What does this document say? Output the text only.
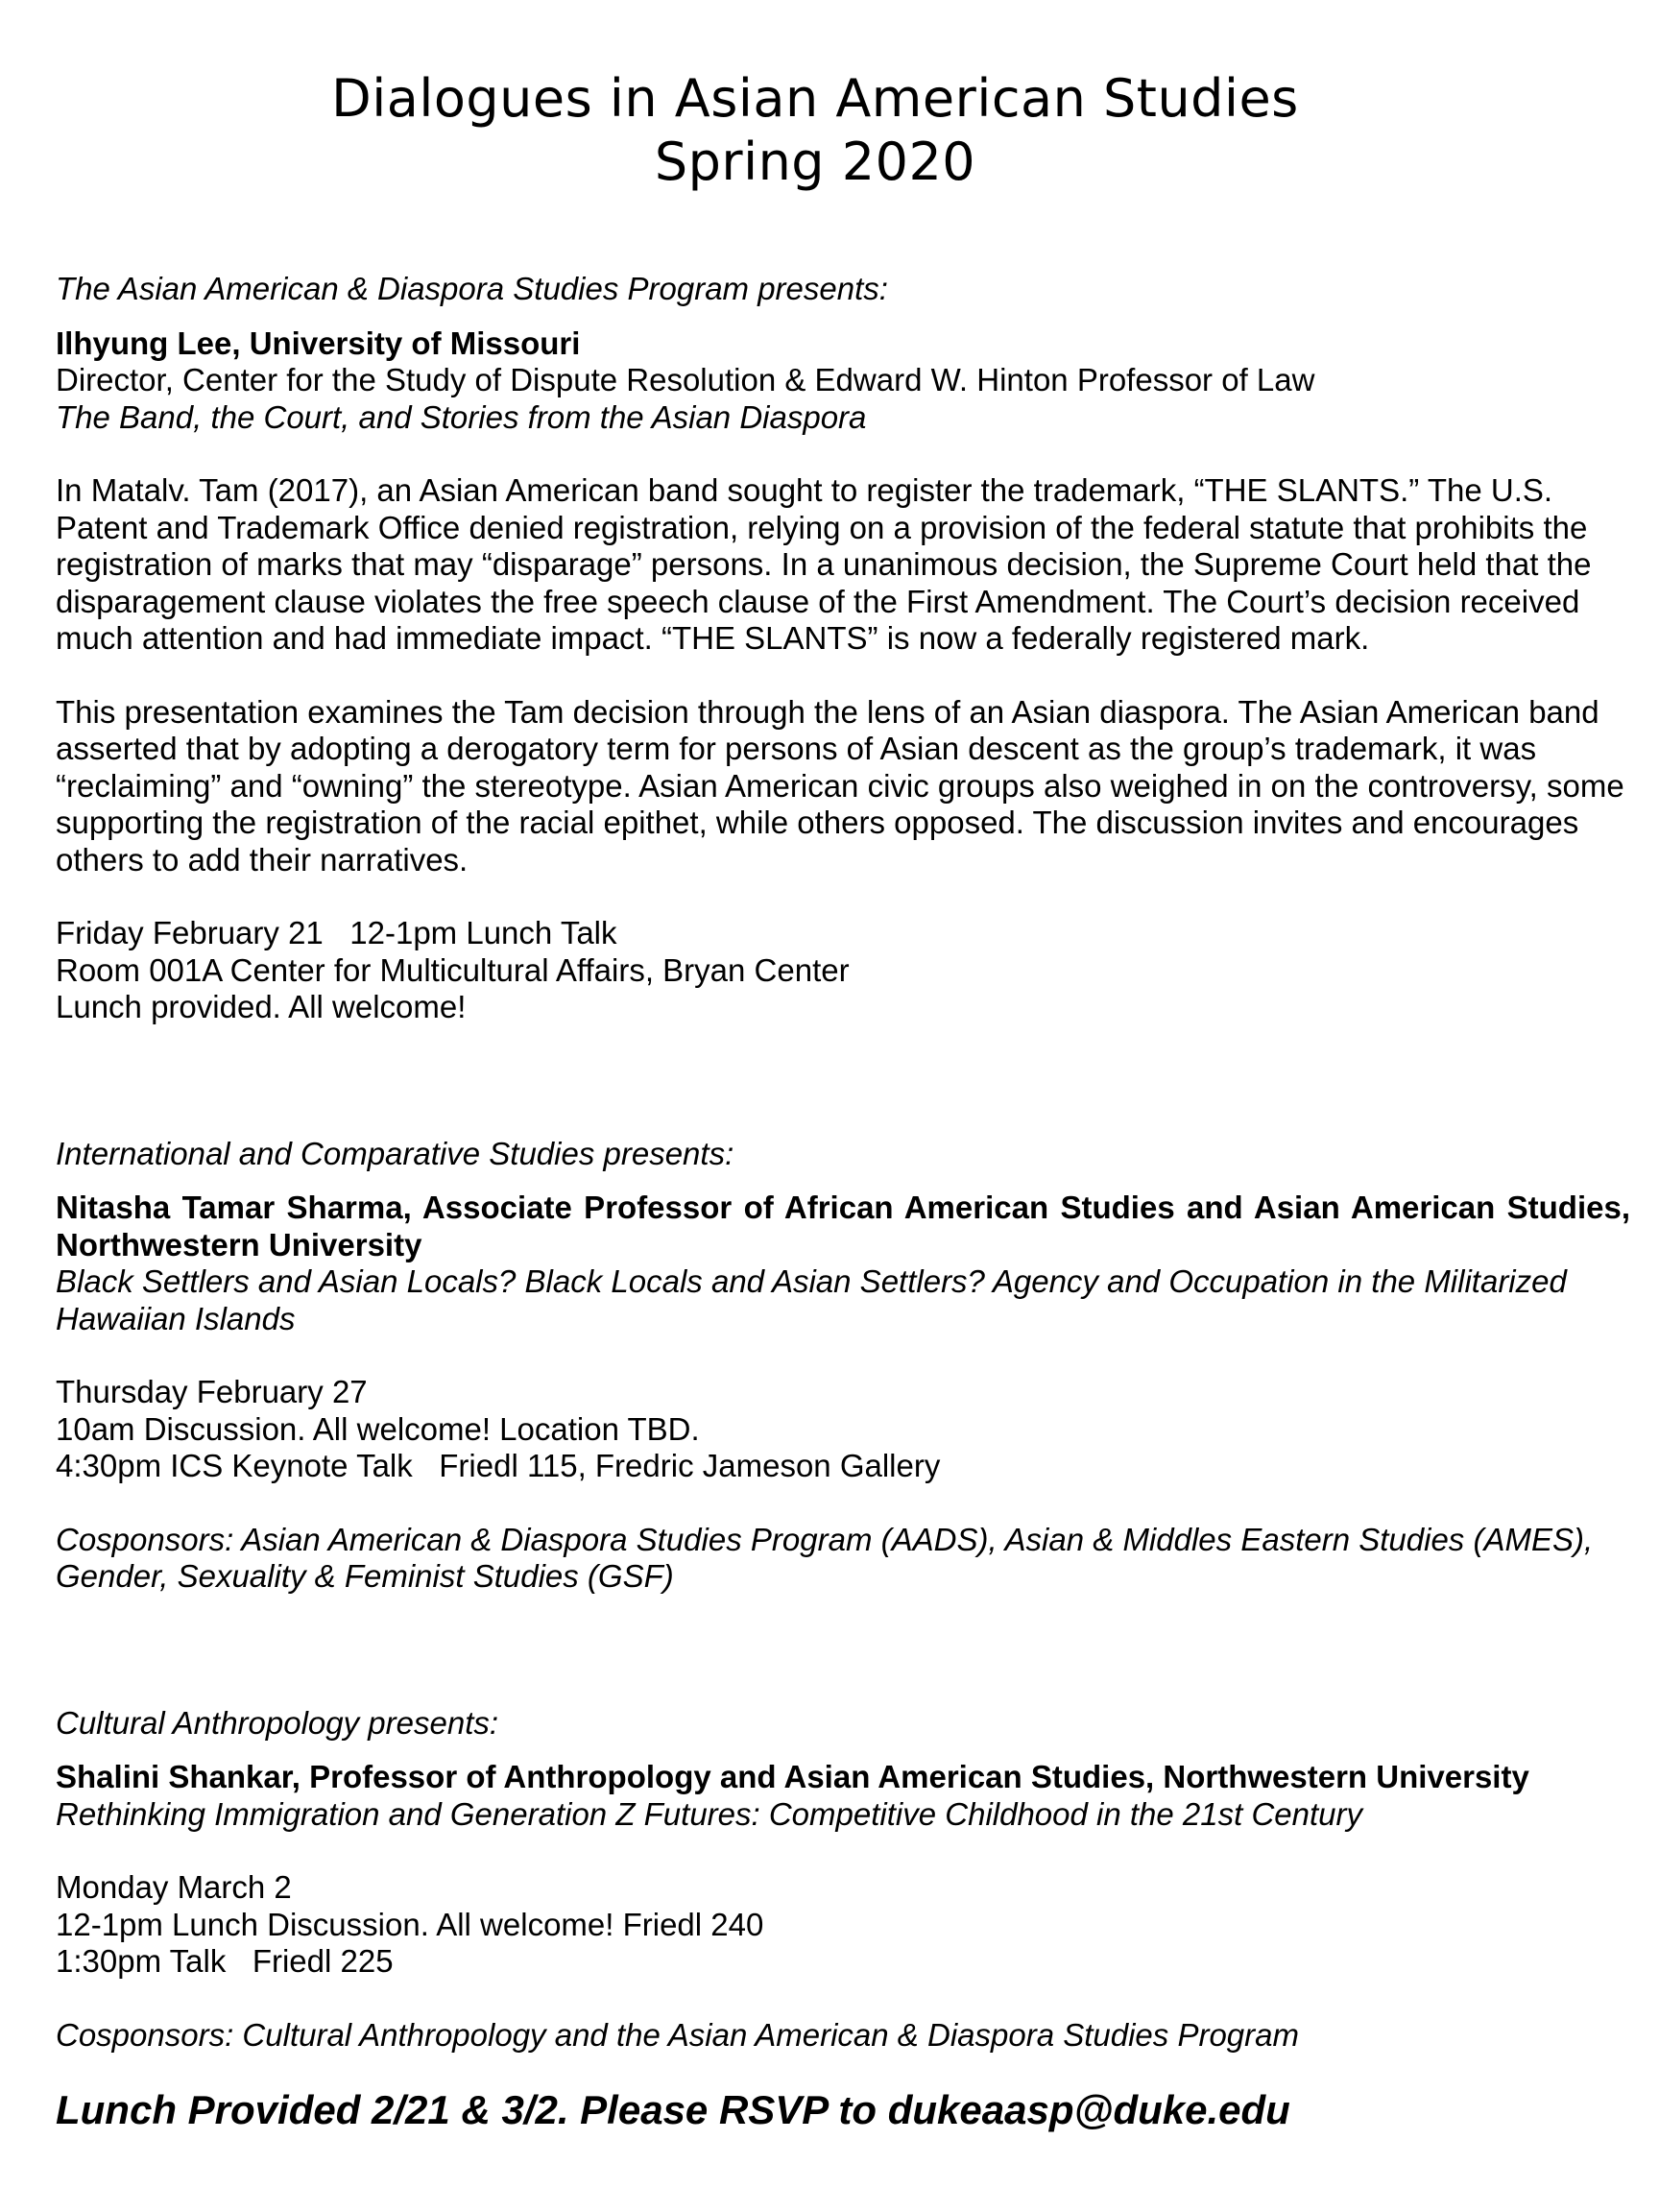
Dialogues in Asian American Studies
Spring 2020

The Asian American & Diaspora Studies Program presents:

Ilhyung Lee, University of Missouri

Director, Center for the Study of Dispute Resolution & Edward W. Hinton Professor of Law

The Band, the Court, and Stories from the Asian Diaspora

In Matalv. Tam (2017), an Asian American band sought to register the trademark, “THE SLANTS.” The U.S. Patent and Trademark Office denied registration, relying on a provision of the federal statute that prohibits the registration of marks that may “disparage” persons. In a unanimous decision, the Supreme Court held that the disparagement clause violates the free speech clause of the First Amendment. The Court’s decision received much attention and had immediate impact. “THE SLANTS” is now a federally registered mark.

This presentation examines the Tam decision through the lens of an Asian diaspora. The Asian American band asserted that by adopting a derogatory term for persons of Asian descent as the group’s trademark, it was “reclaiming” and “owning” the stereotype. Asian American civic groups also weighed in on the controversy, some supporting the registration of the racial epithet, while others opposed. The discussion invites and encourages others to add their narratives.

Friday February 21   12-1pm Lunch Talk

Room 001A Center for Multicultural Affairs, Bryan Center

Lunch provided. All welcome!

International and Comparative Studies presents:

Nitasha Tamar Sharma, Associate Professor of African American Studies and Asian American Studies, Northwestern University

Black Settlers and Asian Locals? Black Locals and Asian Settlers? Agency and Occupation in the Militarized Hawaiian Islands

Thursday February 27

10am Discussion. All welcome! Location TBD.

4:30pm ICS Keynote Talk   Friedl 115, Fredric Jameson Gallery

Cosponsors: Asian American & Diaspora Studies Program (AADS), Asian & Middles Eastern Studies (AMES), Gender, Sexuality & Feminist Studies (GSF)

Cultural Anthropology presents:

Shalini Shankar, Professor of Anthropology and Asian American Studies, Northwestern University

Rethinking Immigration and Generation Z Futures: Competitive Childhood in the 21st Century

Monday March 2

12-1pm Lunch Discussion. All welcome! Friedl 240

1:30pm Talk   Friedl 225

Cosponsors: Cultural Anthropology and the Asian American & Diaspora Studies Program

Lunch Provided 2/21 & 3/2. Please RSVP to dukeaasp@duke.edu
